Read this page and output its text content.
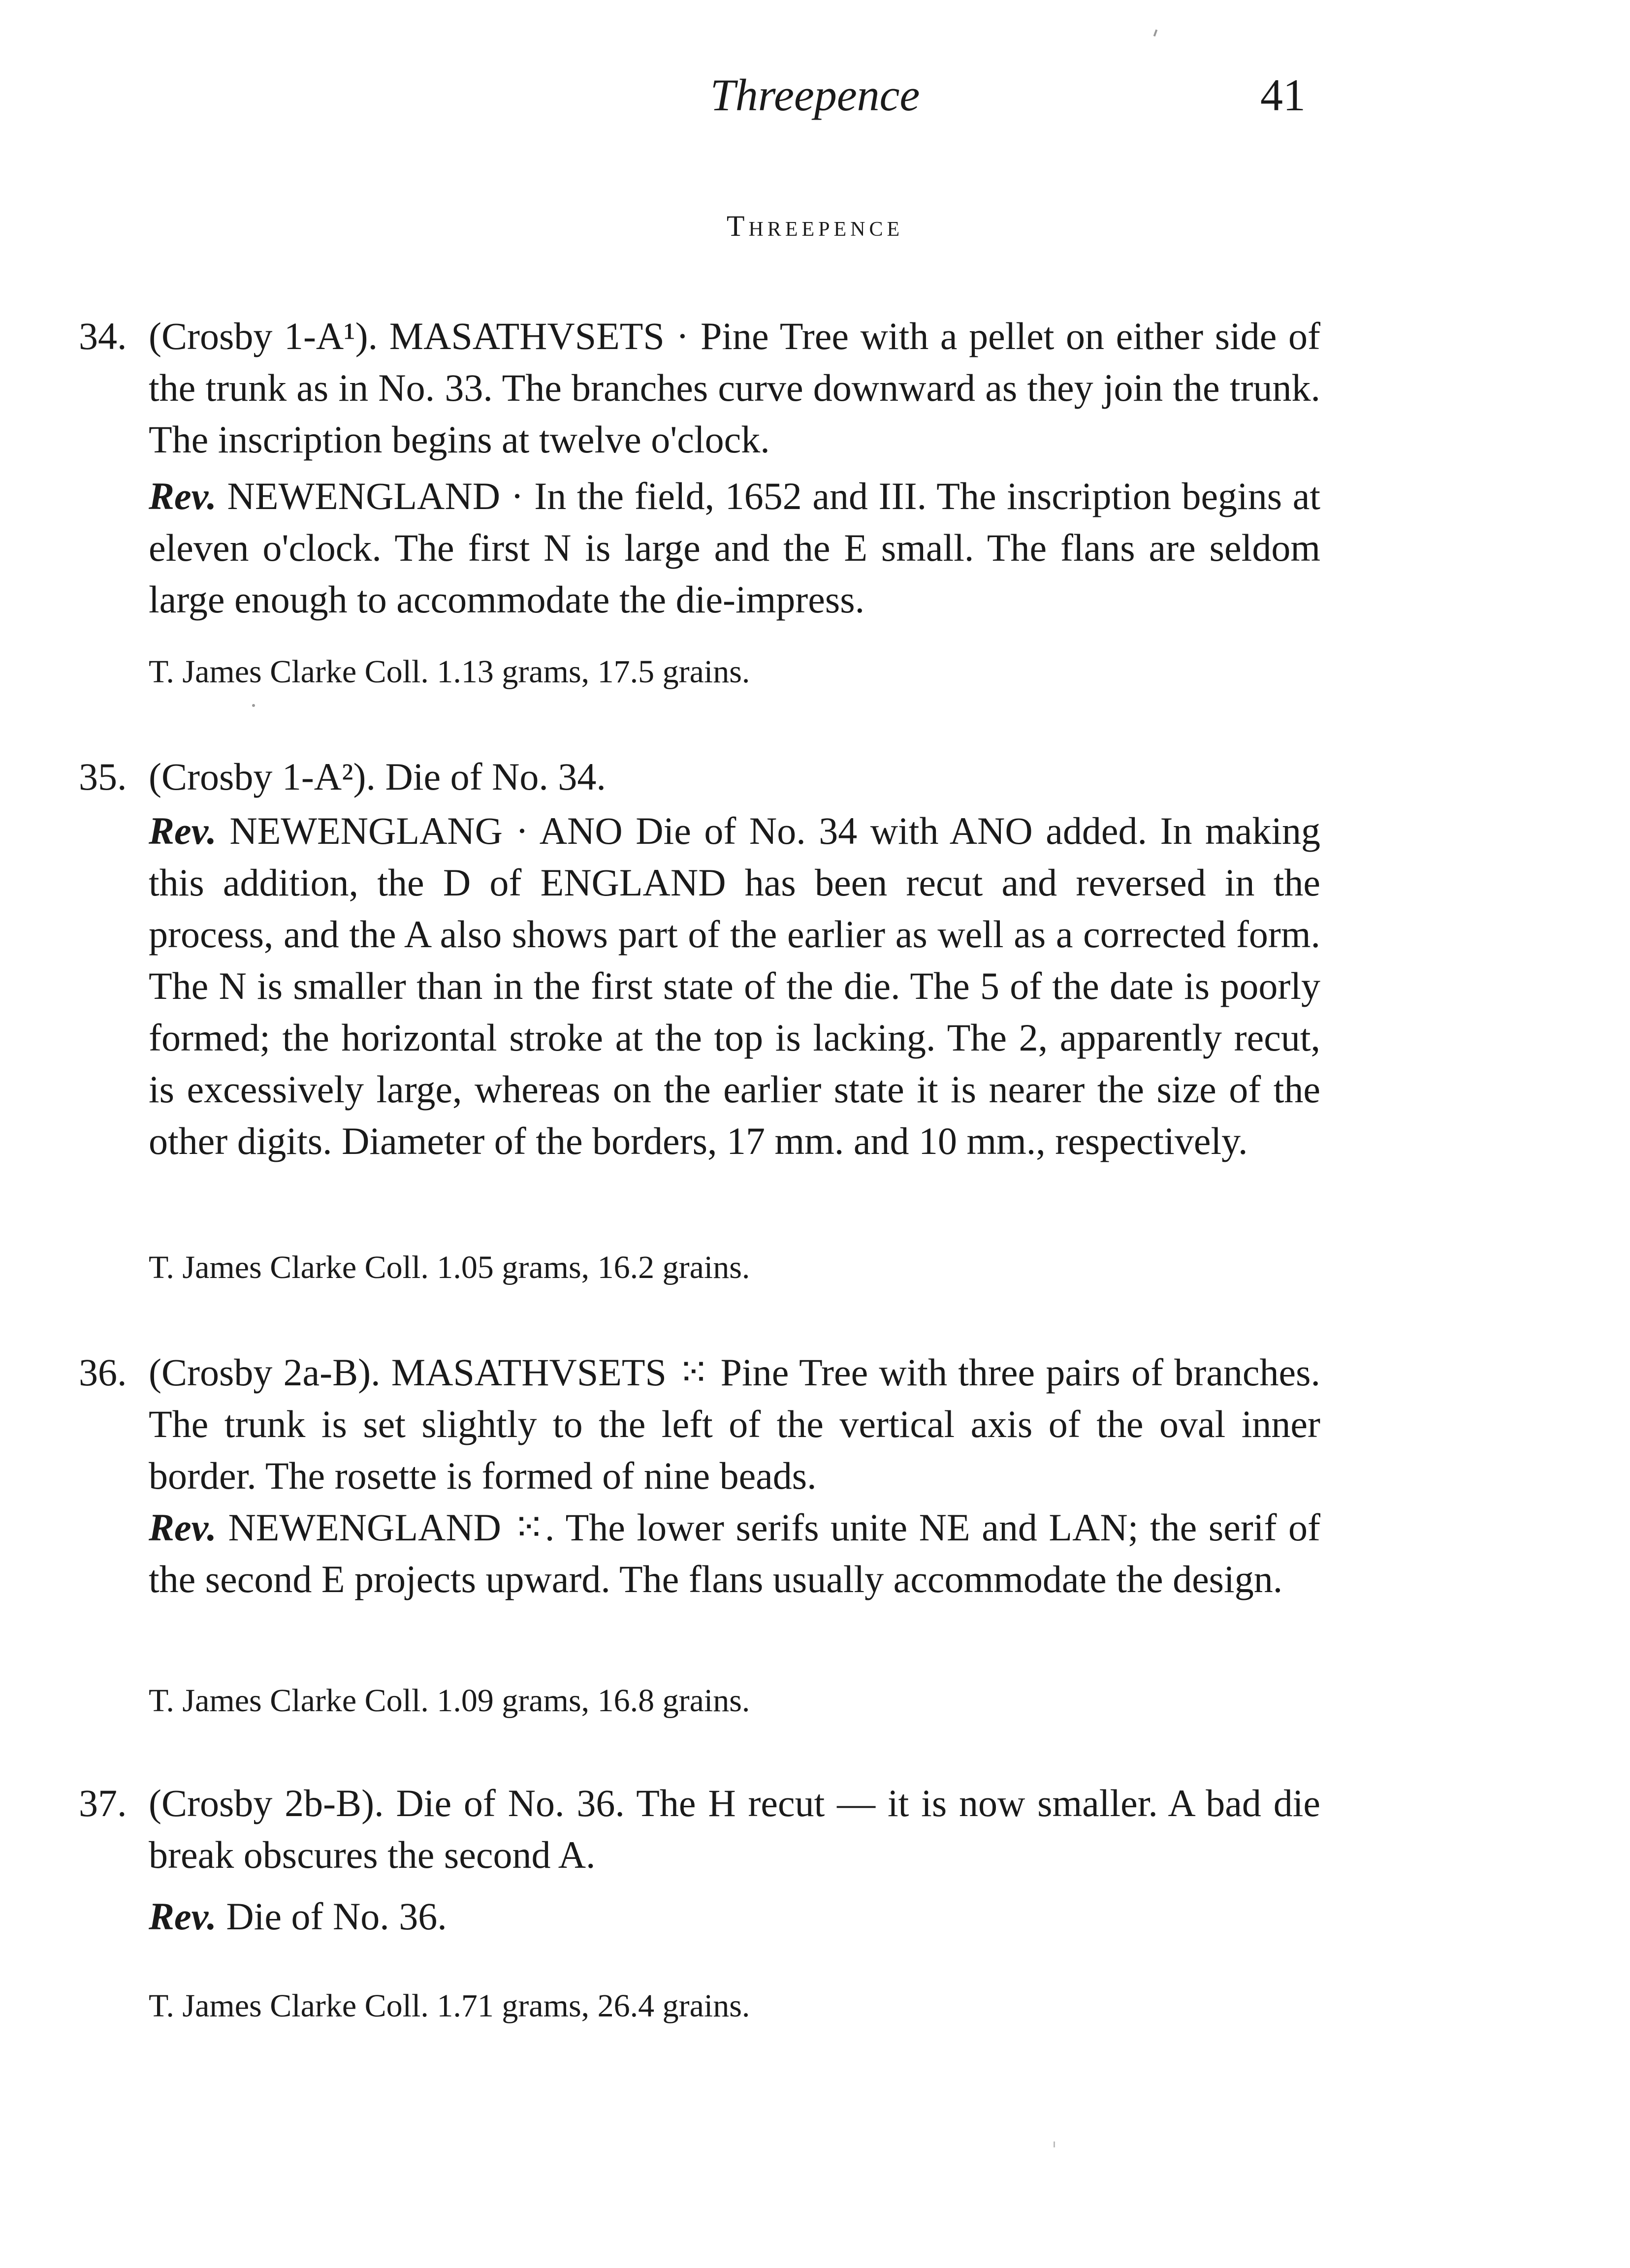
Threepence	41
Threepence
34. (Crosby 1-A¹). MASATHVSETS · Pine Tree with a pellet on either side of the trunk as in No. 33. The branches curve downward as they join the trunk. The inscription begins at twelve o'clock.

Rev. NEWENGLAND · In the field, 1652 and III. The inscription begins at eleven o'clock. The first N is large and the E small. The flans are seldom large enough to accommodate the die-impress.

T. James Clarke Coll. 1.13 grams, 17.5 grains.

35. (Crosby 1-A²). Die of No. 34.

Rev. NEWENGLANG · ANO Die of No. 34 with ANO added. In making this addition, the D of ENGLAND has been recut and reversed in the process, and the A also shows part of the earlier as well as a corrected form. The N is smaller than in the first state of the die. The 5 of the date is poorly formed; the horizontal stroke at the top is lacking. The 2, apparently recut, is excessively large, whereas on the earlier state it is nearer the size of the other digits. Diameter of the borders, 17 mm. and 10 mm., respectively.

T. James Clarke Coll. 1.05 grams, 16.2 grains.

36. (Crosby 2a-B). MASATHVSETS ⁙ Pine Tree with three pairs of branches. The trunk is set slightly to the left of the vertical axis of the oval inner border. The rosette is formed of nine beads.

Rev. NEWENGLAND ⁙. The lower serifs unite NE and LAN; the serif of the second E projects upward. The flans usually accommodate the design.

T. James Clarke Coll. 1.09 grams, 16.8 grains.

37. (Crosby 2b-B). Die of No. 36. The H recut — it is now smaller. A bad die break obscures the second A.

Rev. Die of No. 36.

T. James Clarke Coll. 1.71 grams, 26.4 grains.
